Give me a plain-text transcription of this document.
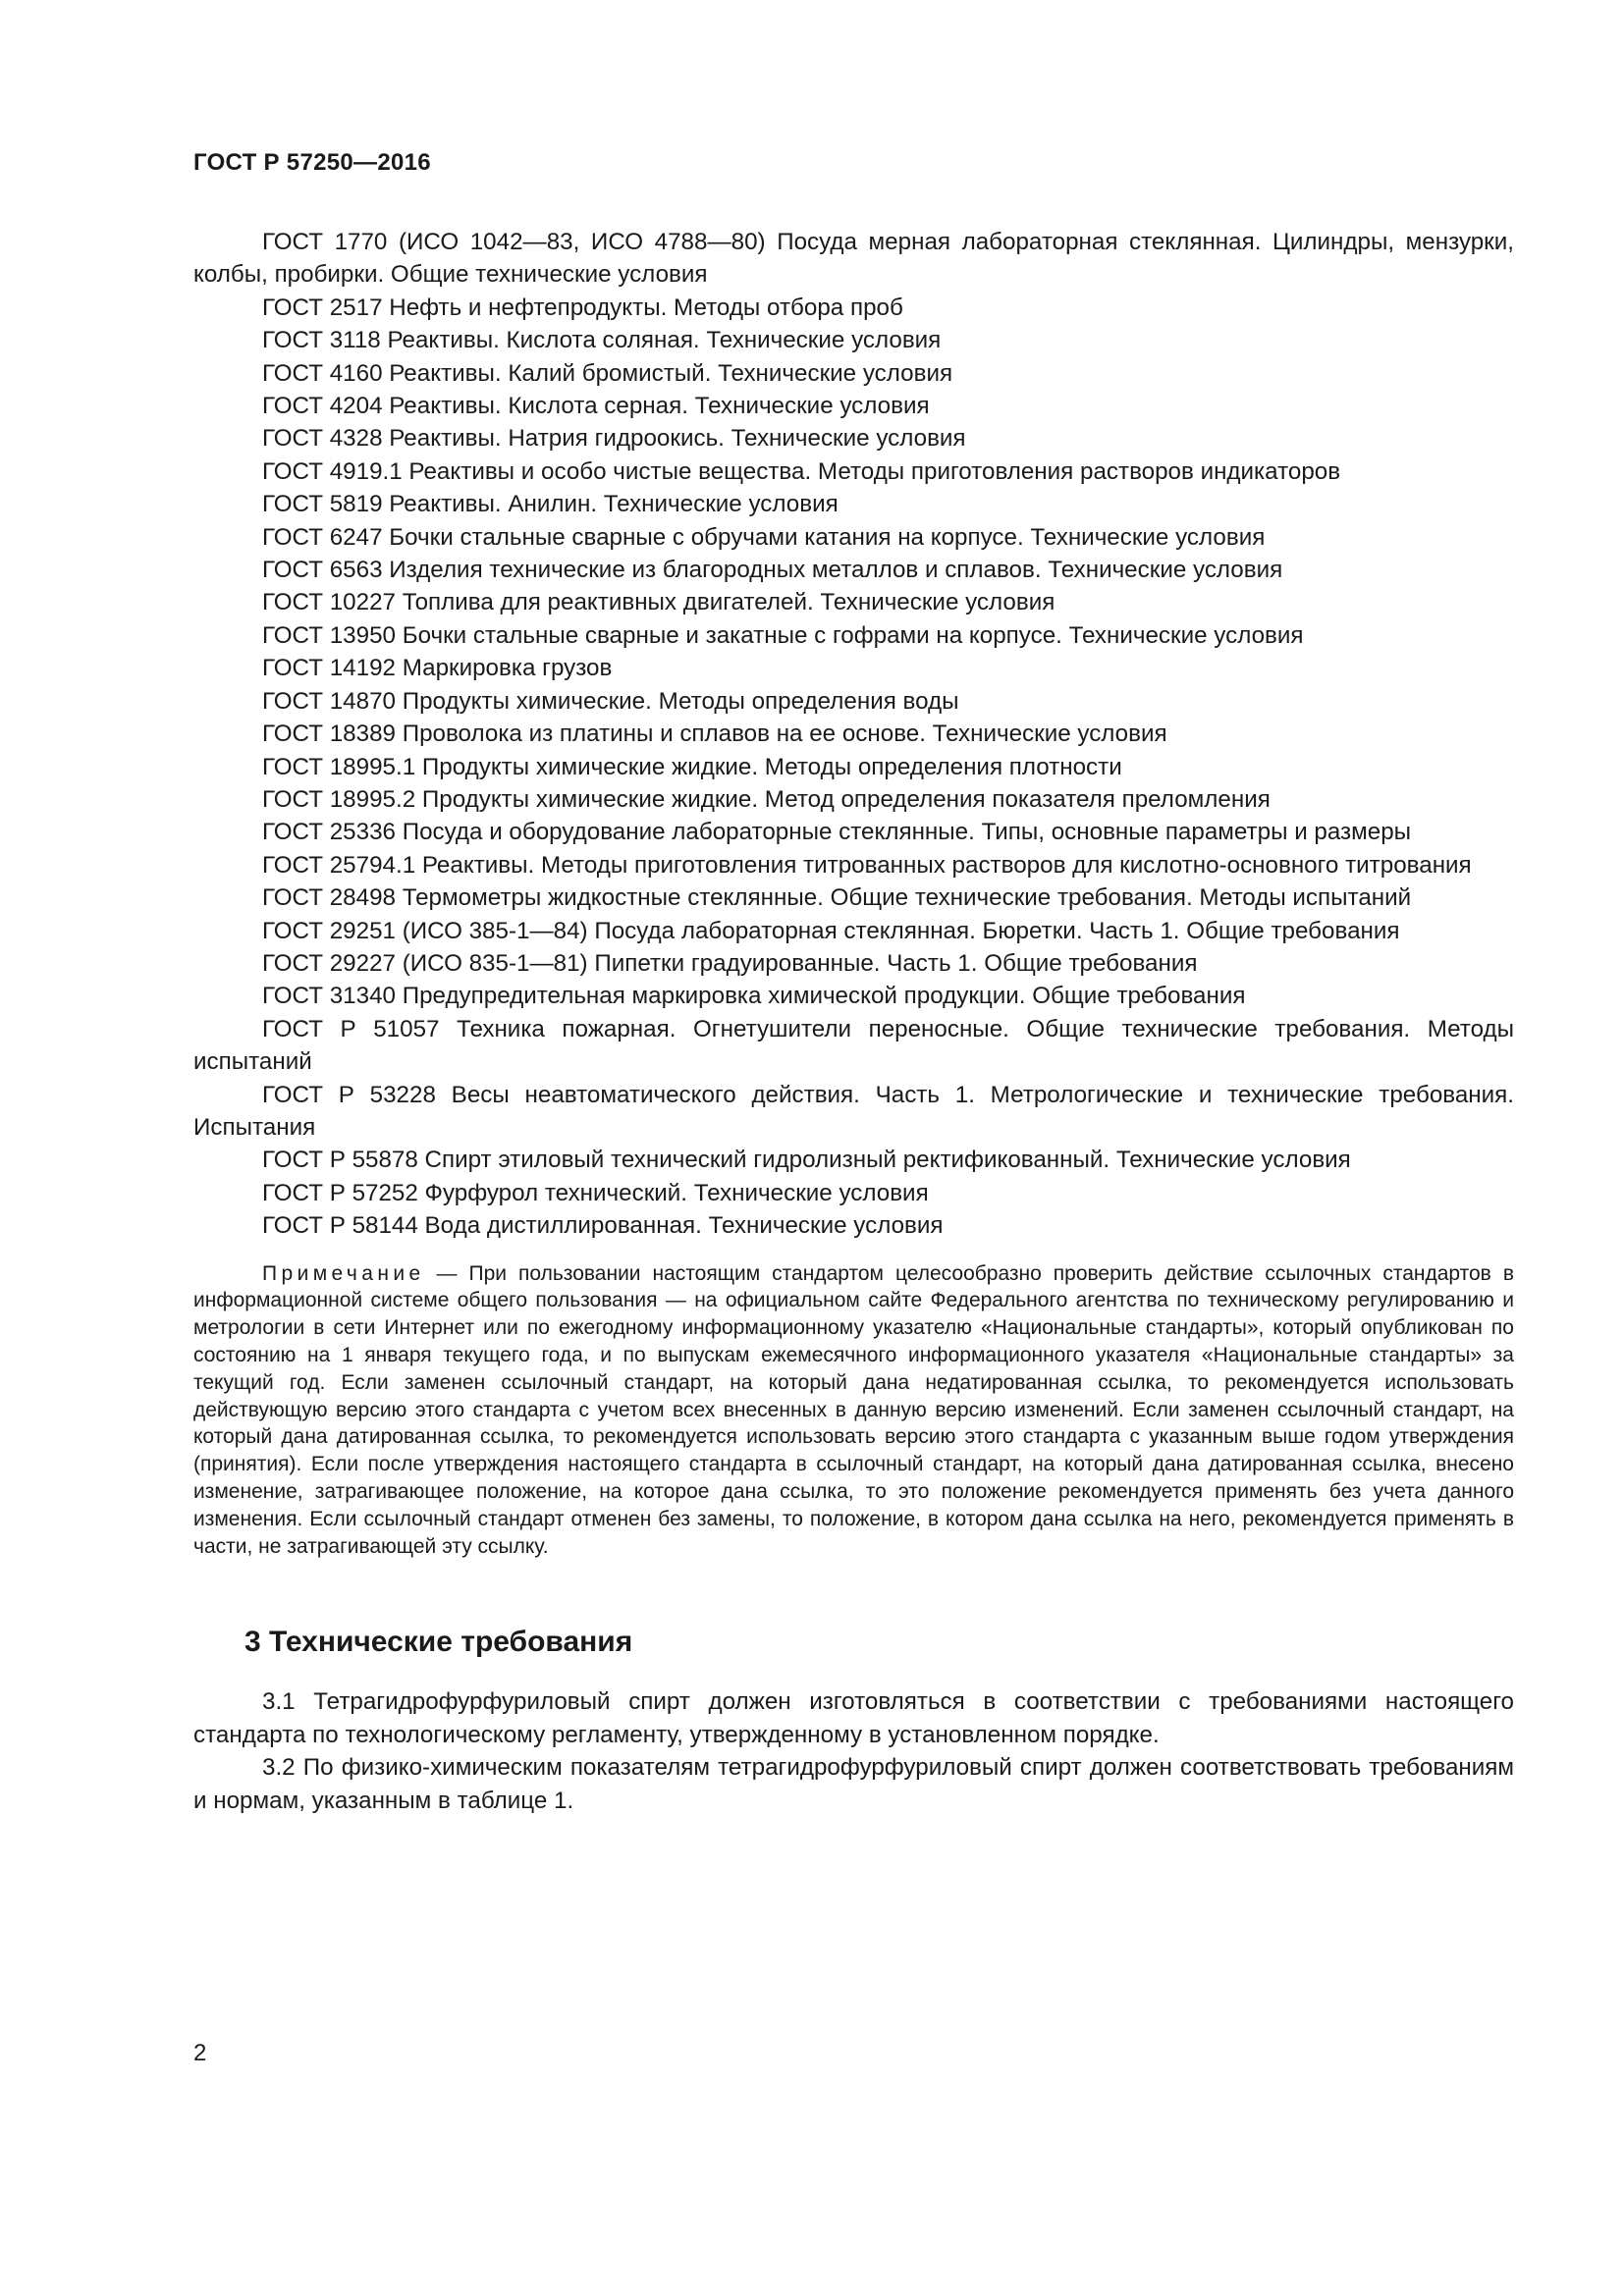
ГОСТ Р 57250—2016

ГОСТ 1770 (ИСО 1042—83, ИСО 4788—80) Посуда мерная лабораторная стеклянная. Цилиндры, мензурки, колбы, пробирки. Общие технические условия

ГОСТ 2517 Нефть и нефтепродукты. Методы отбора проб

ГОСТ 3118 Реактивы. Кислота соляная. Технические условия

ГОСТ 4160 Реактивы. Калий бромистый. Технические условия

ГОСТ 4204 Реактивы. Кислота серная. Технические условия

ГОСТ 4328 Реактивы. Натрия гидроокись. Технические условия

ГОСТ 4919.1 Реактивы и особо чистые вещества. Методы приготовления растворов индикаторов

ГОСТ 5819 Реактивы. Анилин. Технические условия

ГОСТ 6247 Бочки стальные сварные с обручами катания на корпусе. Технические условия

ГОСТ 6563 Изделия технические из благородных металлов и сплавов. Технические условия

ГОСТ 10227 Топлива для реактивных двигателей. Технические условия

ГОСТ 13950 Бочки стальные сварные и закатные с гофрами на корпусе. Технические условия

ГОСТ 14192 Маркировка грузов

ГОСТ 14870 Продукты химические. Методы определения воды

ГОСТ 18389 Проволока из платины и сплавов на ее основе. Технические условия

ГОСТ 18995.1 Продукты химические жидкие. Методы определения плотности

ГОСТ 18995.2 Продукты химические жидкие. Метод определения показателя преломления

ГОСТ 25336 Посуда и оборудование лабораторные стеклянные. Типы, основные параметры и размеры

ГОСТ 25794.1 Реактивы. Методы приготовления титрованных растворов для кислотно-основного титрования

ГОСТ 28498 Термометры жидкостные стеклянные. Общие технические требования. Методы испытаний

ГОСТ 29251 (ИСО 385-1—84) Посуда лабораторная стеклянная. Бюретки. Часть 1. Общие требования

ГОСТ 29227 (ИСО 835-1—81) Пипетки градуированные. Часть 1. Общие требования

ГОСТ 31340 Предупредительная маркировка химической продукции. Общие требования

ГОСТ Р 51057 Техника пожарная. Огнетушители переносные. Общие технические требования. Методы испытаний

ГОСТ Р 53228 Весы неавтоматического действия. Часть 1. Метрологические и технические требования. Испытания

ГОСТ Р 55878 Спирт этиловый технический гидролизный ректификованный. Технические условия

ГОСТ Р 57252 Фурфурол технический. Технические условия

ГОСТ Р 58144 Вода дистиллированная. Технические условия

Примечание — При пользовании настоящим стандартом целесообразно проверить действие ссылочных стандартов в информационной системе общего пользования — на официальном сайте Федерального агентства по техническому регулированию и метрологии в сети Интернет или по ежегодному информационному указателю «Национальные стандарты», который опубликован по состоянию на 1 января текущего года, и по выпускам ежемесячного информационного указателя «Национальные стандарты» за текущий год. Если заменен ссылочный стандарт, на который дана недатированная ссылка, то рекомендуется использовать действующую версию этого стандарта с учетом всех внесенных в данную версию изменений. Если заменен ссылочный стандарт, на который дана датированная ссылка, то рекомендуется использовать версию этого стандарта с указанным выше годом утверждения (принятия). Если после утверждения настоящего стандарта в ссылочный стандарт, на который дана датированная ссылка, внесено изменение, затрагивающее положение, на которое дана ссылка, то это положение рекомендуется применять без учета данного изменения. Если ссылочный стандарт отменен без замены, то положение, в котором дана ссылка на него, рекомендуется применять в части, не затрагивающей эту ссылку.

3 Технические требования

3.1 Тетрагидрофурфуриловый спирт должен изготовляться в соответствии с требованиями настоящего стандарта по технологическому регламенту, утвержденному в установленном порядке.

3.2 По физико-химическим показателям тетрагидрофурфуриловый спирт должен соответствовать требованиям и нормам, указанным в таблице 1.

2
